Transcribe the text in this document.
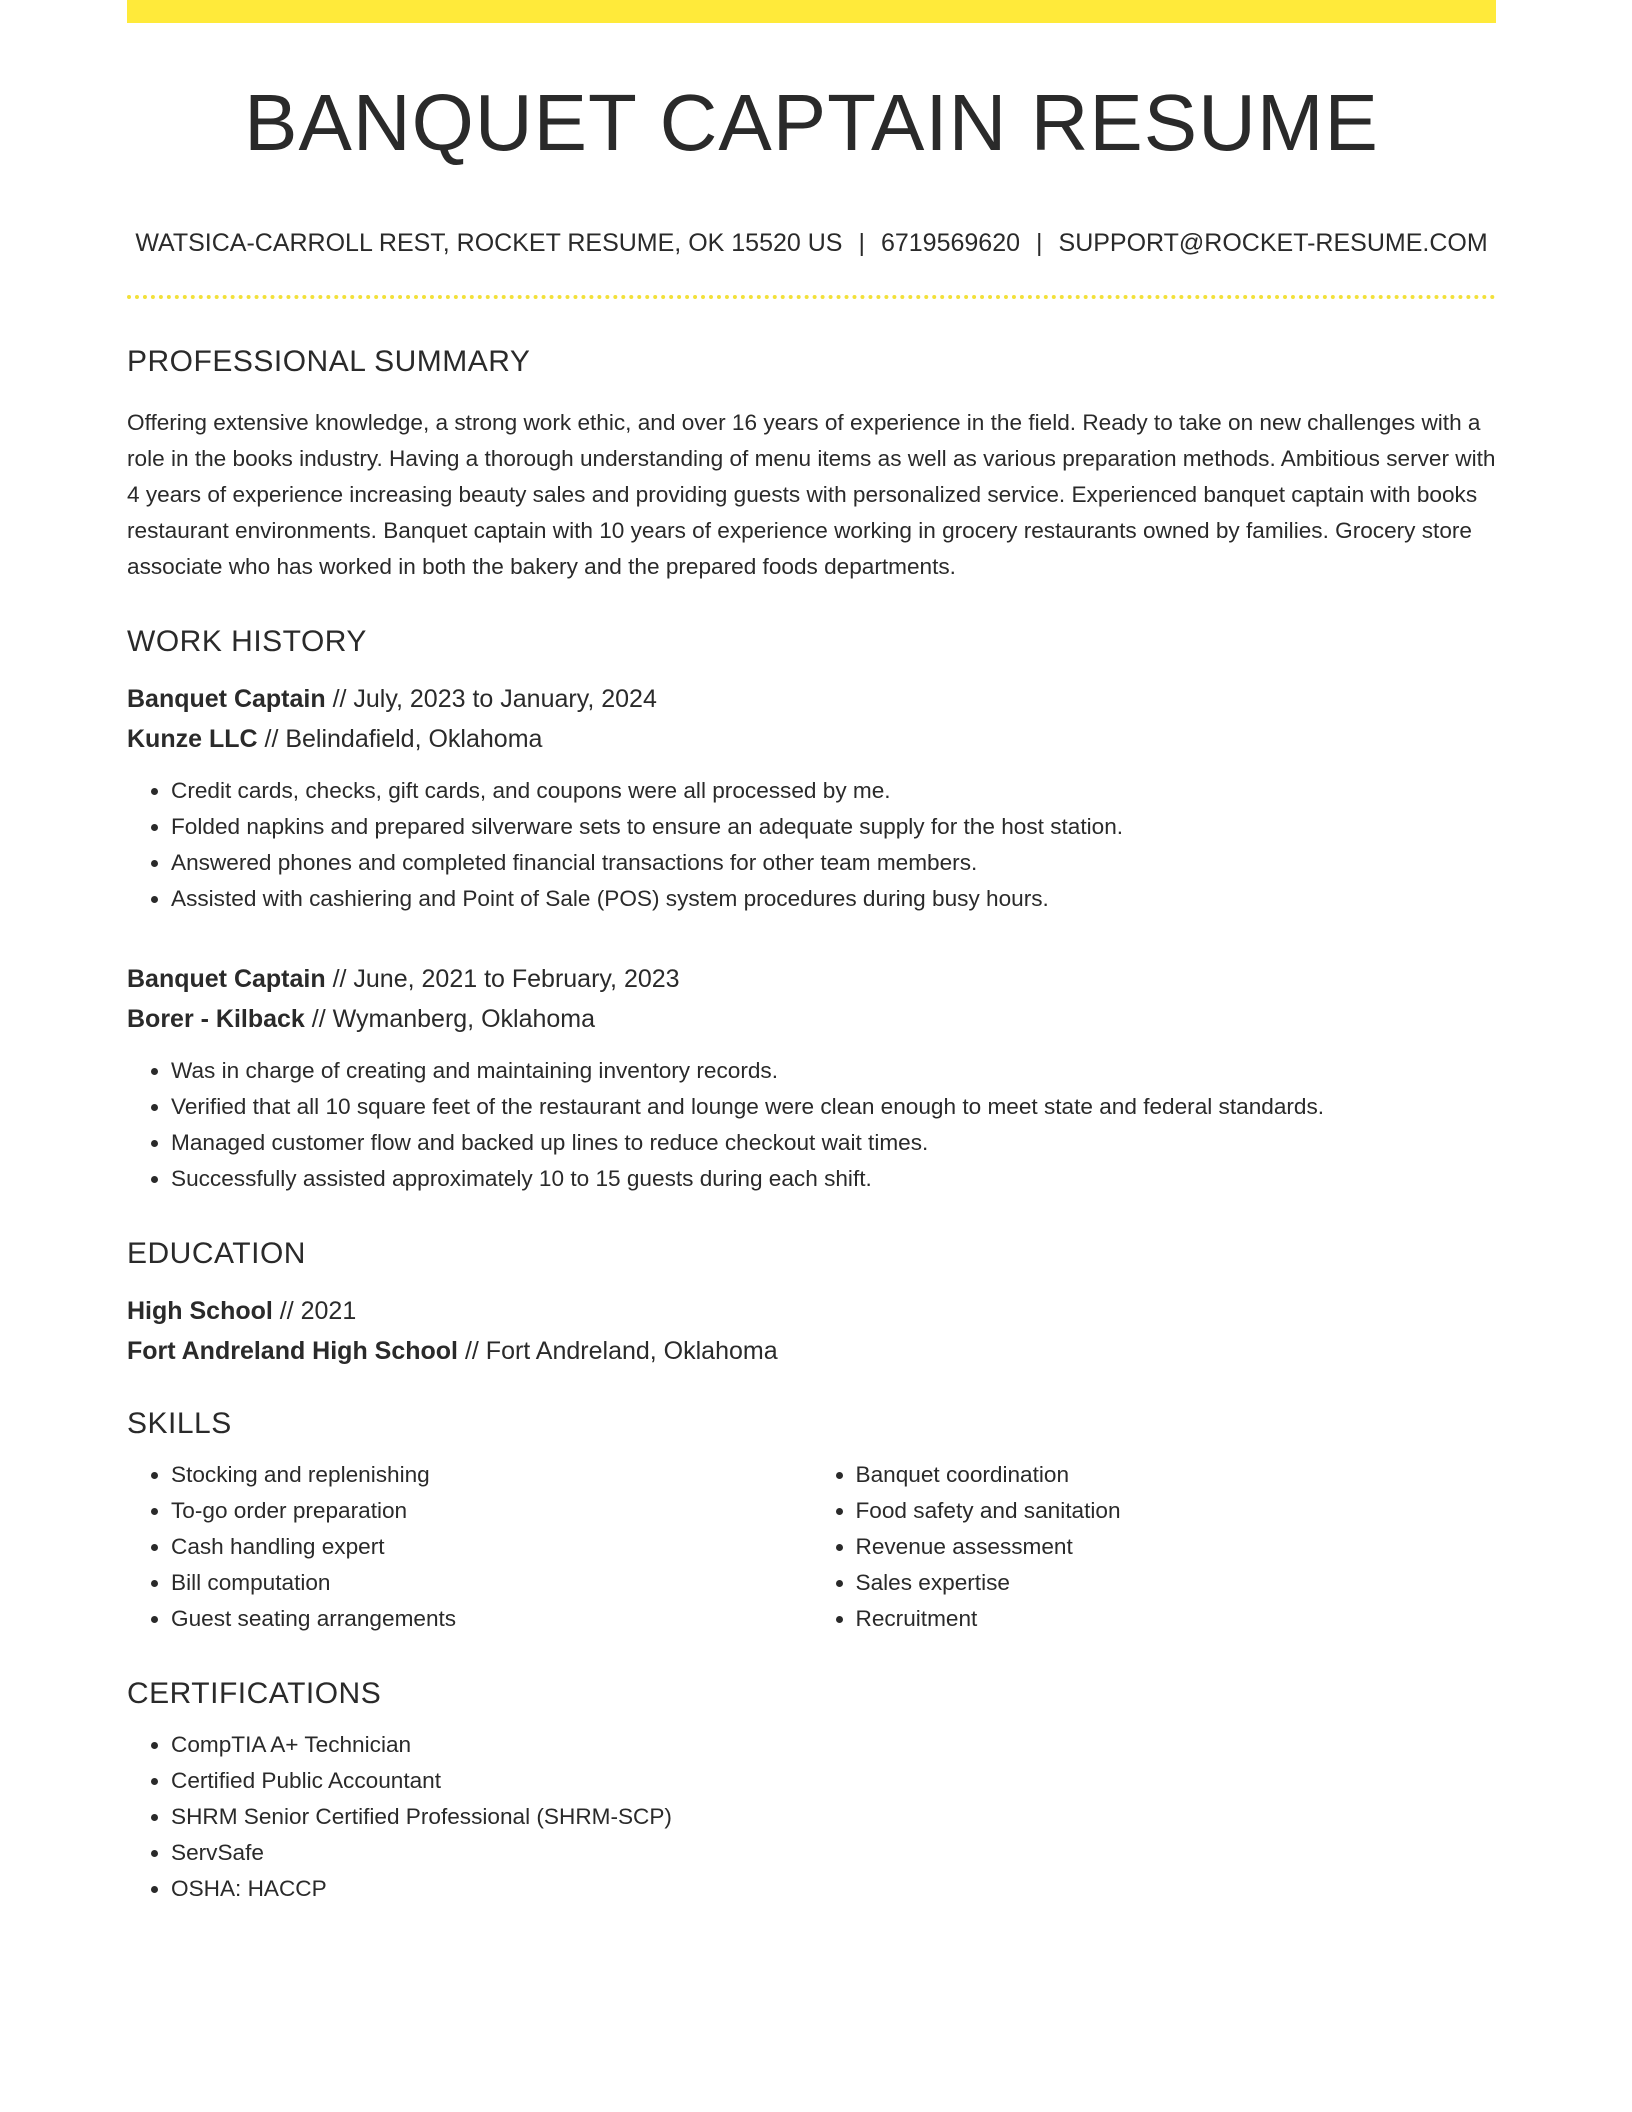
BANQUET CAPTAIN RESUME
WATSICA-CARROLL REST, ROCKET RESUME, OK 15520 US | 6719569620 | SUPPORT@ROCKET-RESUME.COM
PROFESSIONAL SUMMARY

Offering extensive knowledge, a strong work ethic, and over 16 years of experience in the field. Ready to take on new challenges with a role in the books industry. Having a thorough understanding of menu items as well as various preparation methods. Ambitious server with 4 years of experience increasing beauty sales and providing guests with personalized service. Experienced banquet captain with books restaurant environments. Banquet captain with 10 years of experience working in grocery restaurants owned by families. Grocery store associate who has worked in both the bakery and the prepared foods departments.

WORK HISTORY
Banquet Captain // July, 2023 to January, 2024
Kunze LLC // Belindafield, Oklahoma
• Credit cards, checks, gift cards, and coupons were all processed by me.
• Folded napkins and prepared silverware sets to ensure an adequate supply for the host station.
• Answered phones and completed financial transactions for other team members.
• Assisted with cashiering and Point of Sale (POS) system procedures during busy hours.
Banquet Captain // June, 2021 to February, 2023
Borer - Kilback // Wymanberg, Oklahoma
• Was in charge of creating and maintaining inventory records.
• Verified that all 10 square feet of the restaurant and lounge were clean enough to meet state and federal standards.
• Managed customer flow and backed up lines to reduce checkout wait times.
• Successfully assisted approximately 10 to 15 guests during each shift.
EDUCATION
High School // 2021
Fort Andreland High School // Fort Andreland, Oklahoma
SKILLS
• Stocking and replenishing
• To-go order preparation
• Cash handling expert
• Bill computation
• Guest seating arrangements
• Banquet coordination
• Food safety and sanitation
• Revenue assessment
• Sales expertise
• Recruitment
CERTIFICATIONS
• CompTIA A+ Technician
• Certified Public Accountant
• SHRM Senior Certified Professional (SHRM-SCP)
• ServSafe
• OSHA: HACCP
